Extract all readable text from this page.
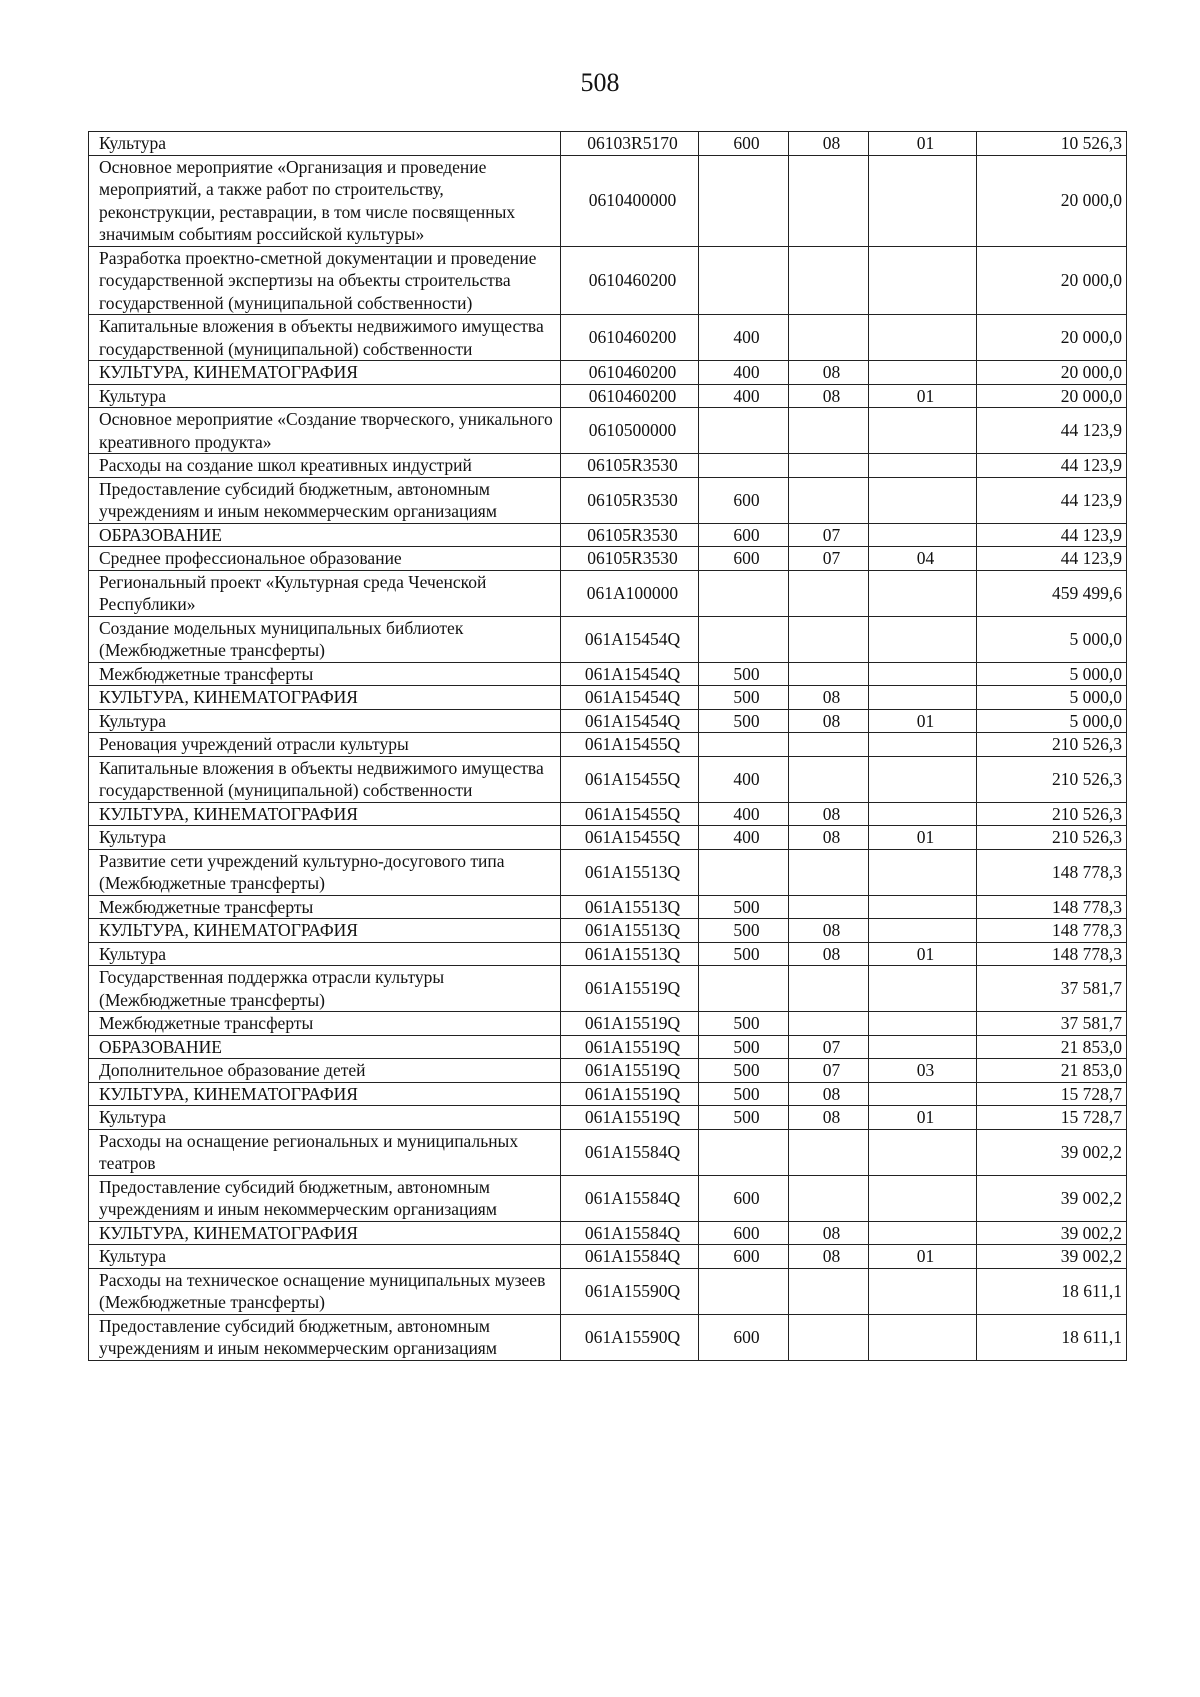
508
Культура	06103R5170	600	08	01	10 526,3
Основное мероприятие «Организация и проведение мероприятий, а также работ по строительству, реконструкции, реставрации, в том числе посвященных значимым событиям российской культуры»	0610400000				20 000,0
Разработка проектно-сметной документации и проведение государственной экспертизы на объекты строительства государственной (муниципальной собственности)	0610460200				20 000,0
Капитальные вложения в объекты недвижимого имущества государственной (муниципальной) собственности	0610460200	400			20 000,0
КУЛЬТУРА, КИНЕМАТОГРАФИЯ	0610460200	400	08		20 000,0
Культура	0610460200	400	08	01	20 000,0
Основное мероприятие «Создание творческого, уникального креативного продукта»	0610500000				44 123,9
Расходы на создание школ креативных индустрий	06105R3530				44 123,9
Предоставление субсидий бюджетным, автономным учреждениям и иным некоммерческим организациям	06105R3530	600			44 123,9
ОБРАЗОВАНИЕ	06105R3530	600	07		44 123,9
Среднее профессиональное образование	06105R3530	600	07	04	44 123,9
Региональный проект «Культурная среда Чеченской Республики»	061A100000				459 499,6
Создание модельных муниципальных библиотек (Межбюджетные трансферты)	061A15454Q				5 000,0
Межбюджетные трансферты	061A15454Q	500			5 000,0
КУЛЬТУРА, КИНЕМАТОГРАФИЯ	061A15454Q	500	08		5 000,0
Культура	061A15454Q	500	08	01	5 000,0
Реновация учреждений отрасли культуры	061A15455Q				210 526,3
Капитальные вложения в объекты недвижимого имущества государственной (муниципальной) собственности	061A15455Q	400			210 526,3
КУЛЬТУРА, КИНЕМАТОГРАФИЯ	061A15455Q	400	08		210 526,3
Культура	061A15455Q	400	08	01	210 526,3
Развитие сети учреждений культурно-досугового типа (Межбюджетные трансферты)	061A15513Q				148 778,3
Межбюджетные трансферты	061A15513Q	500			148 778,3
КУЛЬТУРА, КИНЕМАТОГРАФИЯ	061A15513Q	500	08		148 778,3
Культура	061A15513Q	500	08	01	148 778,3
Государственная поддержка отрасли культуры (Межбюджетные трансферты)	061A15519Q				37 581,7
Межбюджетные трансферты	061A15519Q	500			37 581,7
ОБРАЗОВАНИЕ	061A15519Q	500	07		21 853,0
Дополнительное образование детей	061A15519Q	500	07	03	21 853,0
КУЛЬТУРА, КИНЕМАТОГРАФИЯ	061A15519Q	500	08		15 728,7
Культура	061A15519Q	500	08	01	15 728,7
Расходы на оснащение региональных и муниципальных театров	061A15584Q				39 002,2
Предоставление субсидий бюджетным, автономным учреждениям и иным некоммерческим организациям	061A15584Q	600			39 002,2
КУЛЬТУРА, КИНЕМАТОГРАФИЯ	061A15584Q	600	08		39 002,2
Культура	061A15584Q	600	08	01	39 002,2
Расходы на техническое оснащение муниципальных музеев (Межбюджетные трансферты)	061A15590Q				18 611,1
Предоставление субсидий бюджетным, автономным учреждениям и иным некоммерческим организациям	061A15590Q	600			18 611,1
